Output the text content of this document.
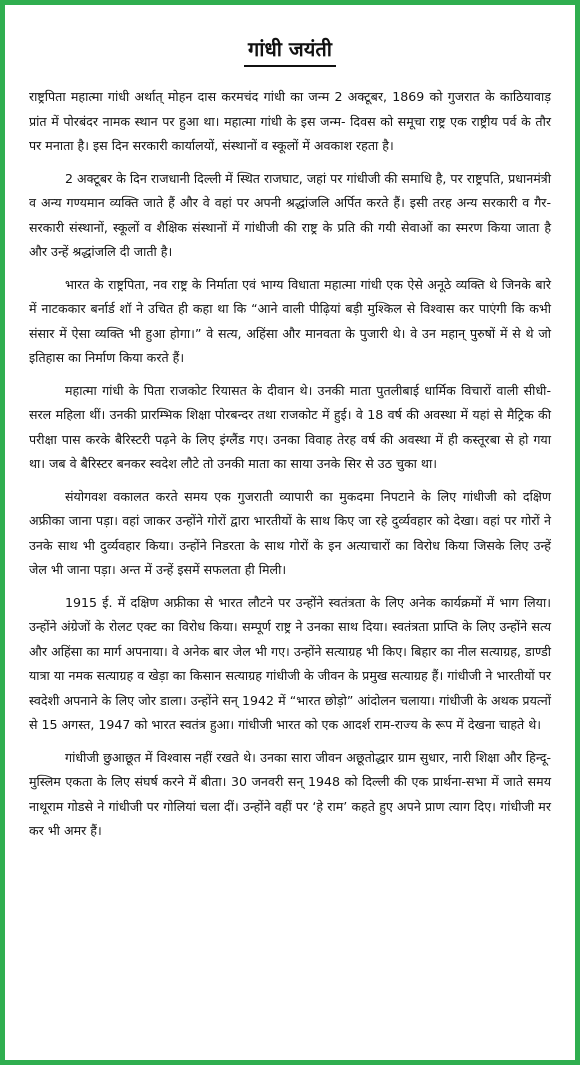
गांधी जयंती

राष्ट्रपिता महात्मा गांधी अर्थात् मोहन दास करमचंद गांधी का जन्म 2 अक्टूबर, 1869 को गुजरात के काठियावाड़ प्रांत में पोरबंदर नामक स्थान पर हुआ था। महात्मा गांधी के इस जन्म- दिवस को समूचा राष्ट्र एक राष्ट्रीय पर्व के तौर पर मनाता है। इस दिन सरकारी कार्यालयों, संस्थानों व स्कूलों में अवकाश रहता है।

2 अक्टूबर के दिन राजधानी दिल्ली में स्थित राजघाट, जहां पर गांधीजी की समाधि है, पर राष्ट्रपति, प्रधानमंत्री व अन्य गण्यमान व्यक्ति जाते हैं और वे वहां पर अपनी श्रद्धांजलि अर्पित करते हैं। इसी तरह अन्य सरकारी व गैर-सरकारी संस्थानों, स्कूलों व शैक्षिक संस्थानों में गांधीजी की राष्ट्र के प्रति की गयी सेवाओं का स्मरण किया जाता है और उन्हें श्रद्धांजलि दी जाती है।

भारत के राष्ट्रपिता, नव राष्ट्र के निर्माता एवं भाग्य विधाता महात्मा गांधी एक ऐसे अनूठे व्यक्ति थे जिनके बारे में नाटककार बर्नार्ड शॉ ने उचित ही कहा था कि “आने वाली पीढ़ियां बड़ी मुश्किल से विश्वास कर पाएंगी कि कभी संसार में ऐसा व्यक्ति भी हुआ होगा।” वे सत्य, अहिंसा और मानवता के पुजारी थे। वे उन महान् पुरुषों में से थे जो इतिहास का निर्माण किया करते हैं।

महात्मा गांधी के पिता राजकोट रियासत के दीवान थे। उनकी माता पुतलीबाई धार्मिक विचारों वाली सीधी-सरल महिला थीं। उनकी प्रारम्भिक शिक्षा पोरबन्दर तथा राजकोट में हुई। वे 18 वर्ष की अवस्था में यहां से मैट्रिक की परीक्षा पास करके बैरिस्टरी पढ़ने के लिए इंग्लैंड गए। उनका विवाह तेरह वर्ष की अवस्था में ही कस्तूरबा से हो गया था। जब वे बैरिस्टर बनकर स्वदेश लौटे तो उनकी माता का साया उनके सिर से उठ चुका था।

संयोगवश वकालत करते समय एक गुजराती व्यापारी का मुकदमा निपटाने के लिए गांधीजी को दक्षिण अफ्रीका जाना पड़ा। वहां जाकर उन्होंने गोरों द्वारा भारतीयों के साथ किए जा रहे दुर्व्यवहार को देखा। वहां पर गोरों ने उनके साथ भी दुर्व्यवहार किया। उन्होंने निडरता के साथ गोरों के इन अत्याचारों का विरोध किया जिसके लिए उन्हें जेल भी जाना पड़ा। अन्त में उन्हें इसमें सफलता ही मिली।

1915 ई. में दक्षिण अफ्रीका से भारत लौटने पर उन्होंने स्वतंत्रता के लिए अनेक कार्यक्रमों में भाग लिया। उन्होंने अंग्रेजों के रोलट एक्ट का विरोध किया। सम्पूर्ण राष्ट्र ने उनका साथ दिया। स्वतंत्रता प्राप्ति के लिए उन्होंने सत्य और अहिंसा का मार्ग अपनाया। वे अनेक बार जेल भी गए। उन्होंने सत्याग्रह भी किए। बिहार का नील सत्याग्रह, डाण्डी यात्रा या नमक सत्याग्रह व खेड़ा का किसान सत्याग्रह गांधीजी के जीवन के प्रमुख सत्याग्रह हैं। गांधीजी ने भारतीयों पर स्वदेशी अपनाने के लिए जोर डाला। उन्होंने सन् 1942 में “भारत छोड़ो” आंदोलन चलाया। गांधीजी के अथक प्रयत्नों से 15 अगस्त, 1947 को भारत स्वतंत्र हुआ। गांधीजी भारत को एक आदर्श राम-राज्य के रूप में देखना चाहते थे।

गांधीजी छुआछूत में विश्वास नहीं रखते थे। उनका सारा जीवन अछूतोद्धार ग्राम सुधार, नारी शिक्षा और हिन्दू-मुस्लिम एकता के लिए संघर्ष करने में बीता। 30 जनवरी सन् 1948 को दिल्ली की एक प्रार्थना-सभा में जाते समय नाथूराम गोडसे ने गांधीजी पर गोलियां चला दीं। उन्होंने वहीं पर ‘हे राम’ कहते हुए अपने प्राण त्याग दिए। गांधीजी मर कर भी अमर हैं।
